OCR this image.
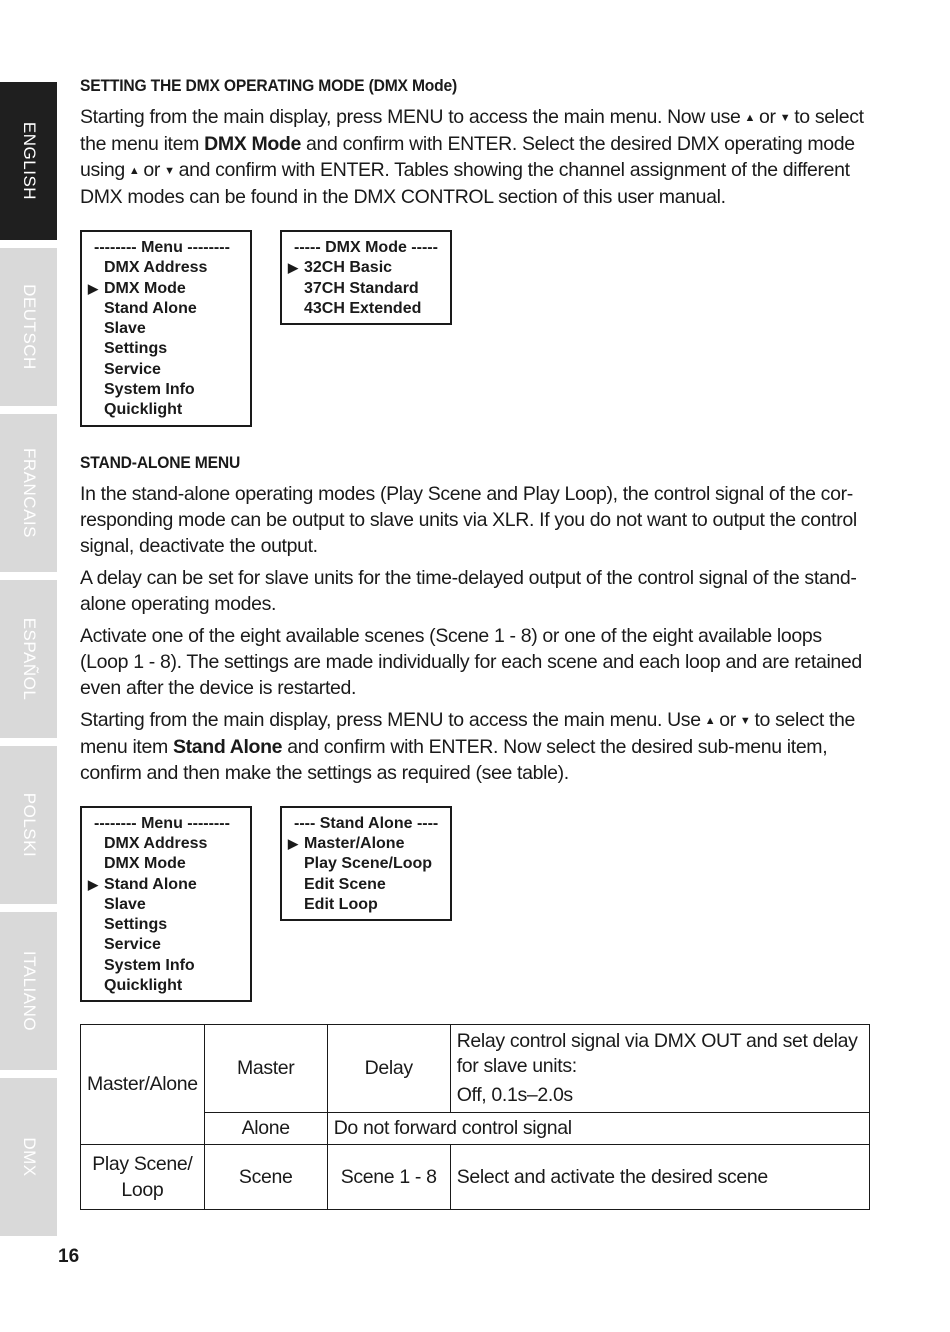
ENGLISH
DEUTSCH
FRANCAIS
ESPAÑOL
POLSKI
ITALIANO
DMX
SETTING THE DMX OPERATING MODE (DMX Mode)

Starting from the main display, press MENU to access the main menu. Now use ▲ or ▼ to select the menu item DMX Mode and confirm with ENTER. Select the desired DMX operating mode using ▲ or ▼ and confirm with ENTER. Tables showing the channel assignment of the different DMX modes can be found in the DMX CONTROL section of this user manual.

-------- Menu --------
DMX Address
▶ DMX Mode
Stand Alone
Slave
Settings
Service
System Info
Quicklight
----- DMX Mode -----
▶ 32CH Basic
37CH Standard
43CH Extended
STAND-ALONE MENU

In the stand-alone operating modes (Play Scene and Play Loop), the control signal of the cor-responding mode can be output to slave units via XLR. If you do not want to output the control signal, deactivate the output.

A delay can be set for slave units for the time-delayed output of the control signal of the stand-alone operating modes.

Activate one of the eight available scenes (Scene 1 - 8) or one of the eight available loops (Loop 1 - 8). The settings are made individually for each scene and each loop and are retained even after the device is restarted.

Starting from the main display, press MENU to access the main menu. Use ▲ or ▼ to select the menu item Stand Alone and confirm with ENTER. Now select the desired sub-menu item, confirm and then make the settings as required (see table).

-------- Menu --------
DMX Address
DMX Mode
▶ Stand Alone
Slave
Settings
Service
System Info
Quicklight
---- Stand Alone ----
▶ Master/Alone
Play Scene/Loop
Edit Scene
Edit Loop
Master/Alone	Master	Delay	Relay control signal via DMX OUT and set delay for slave units:
Off, 0.1s–2.0s

	Alone	Do not forward control signal	

Play Scene/
Loop	Scene	Scene 1 - 8	Select and activate the desired scene
16
